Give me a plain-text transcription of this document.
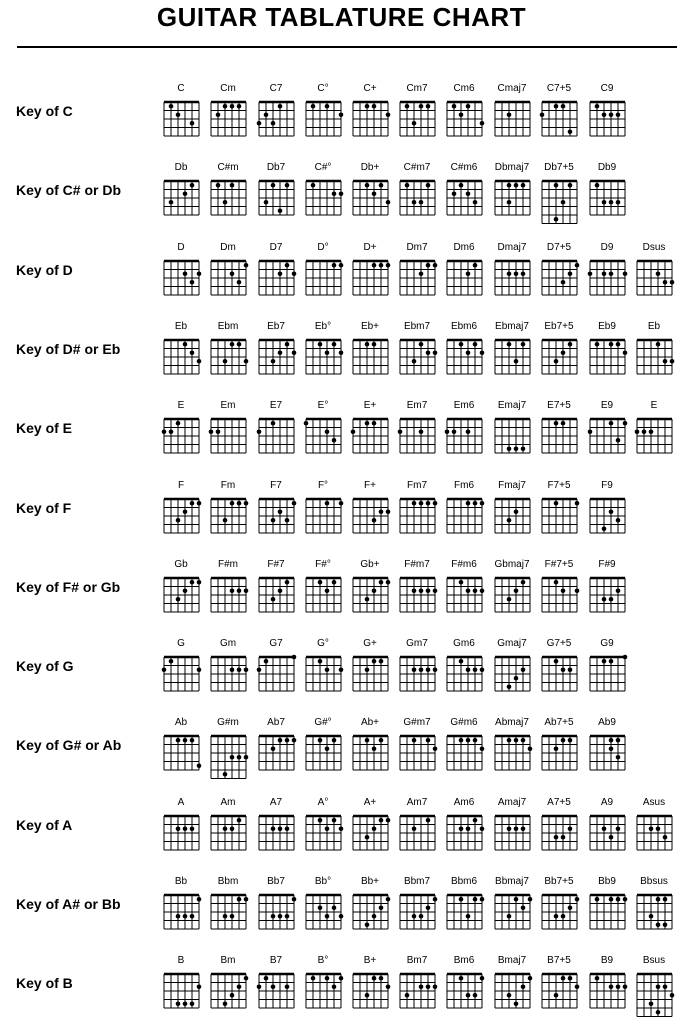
GUITAR TABLATURE CHART
Key of C
C	Cm	C7	C°	C+	Cm7	Cm6	Cmaj7	C7+5	C9
Key of C# or Db
Db	C#m	Db7	C#°	Db+	C#m7	C#m6	Dbmaj7	Db7+5	Db9
Key of D
D	Dm	D7	D°	D+	Dm7	Dm6	Dmaj7	D7+5	D9	Dsus
Key of D# or Eb
Eb	Ebm	Eb7	Eb°	Eb+	Ebm7	Ebm6	Ebmaj7	Eb7+5	Eb9	Eb
Key of E
E	Em	E7	E°	E+	Em7	Em6	Emaj7	E7+5	E9	E
Key of F
F	Fm	F7	F°	F+	Fm7	Fm6	Fmaj7	F7+5	F9
Key of F# or Gb
Gb	F#m	F#7	F#°	Gb+	F#m7	F#m6	Gbmaj7	F#7+5	F#9
Key of G
G	Gm	G7	G°	G+	Gm7	Gm6	Gmaj7	G7+5	G9
Key of G# or Ab
Ab	G#m	Ab7	G#°	Ab+	G#m7	G#m6	Abmaj7	Ab7+5	Ab9
Key of A
A	Am	A7	A°	A+	Am7	Am6	Amaj7	A7+5	A9	Asus
Key of A# or Bb
Bb	Bbm	Bb7	Bb°	Bb+	Bbm7	Bbm6	Bbmaj7	Bb7+5	Bb9	Bbsus
Key of B
B	Bm	B7	B°	B+	Bm7	Bm6	Bmaj7	B7+5	B9	Bsus
